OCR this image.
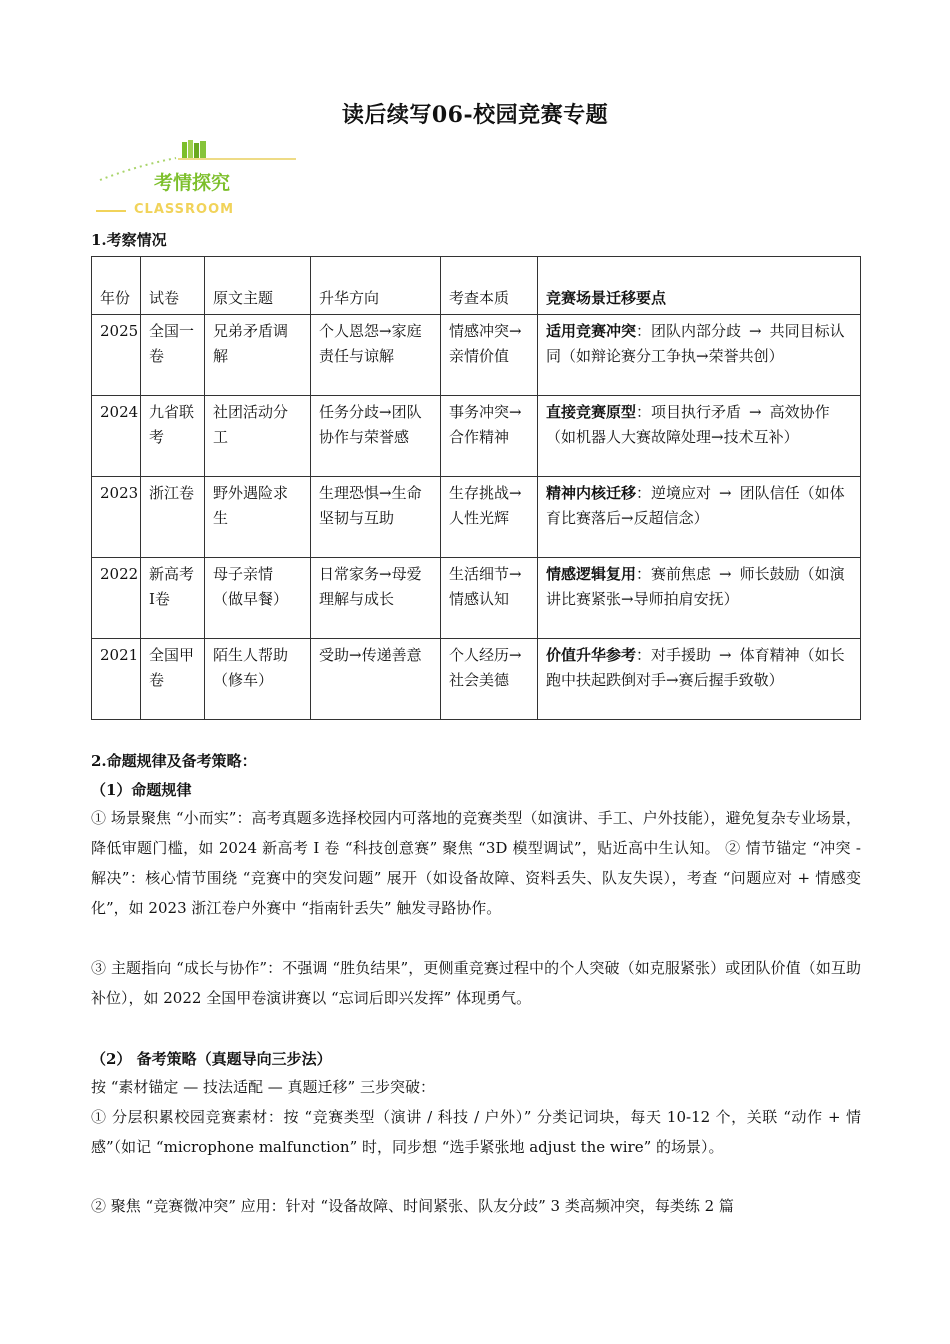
读后续写06-校园竞赛专题
考情探究
CLASSROOM
1.考察情况
年份	试卷	原文主题	升华方向	考查本质	竞赛场景迁移要点
2025	全国一卷	兄弟矛盾调解	个人恩怨→家庭责任与谅解	情感冲突→亲情价值	适用竞赛冲突：团队内部分歧 → 共同目标认同（如辩论赛分工争执→荣誉共创）
2024	九省联考	社团活动分工	任务分歧→团队协作与荣誉感	事务冲突→合作精神	直接竞赛原型：项目执行矛盾 → 高效协作（如机器人大赛故障处理→技术互补）
2023	浙江卷	野外遇险求生	生理恐惧→生命坚韧与互助	生存挑战→人性光辉	精神内核迁移：逆境应对 → 团队信任（如体育比赛落后→反超信念）
2022	新高考I卷	母子亲情（做早餐）	日常家务→母爱理解与成长	生活细节→情感认知	情感逻辑复用：赛前焦虑 → 师长鼓励（如演讲比赛紧张→导师拍肩安抚）
2021	全国甲卷	陌生人帮助（修车）	受助→传递善意	个人经历→社会美德	价值升华参考：对手援助 → 体育精神（如长跑中扶起跌倒对手→赛后握手致敬）
2.命题规律及备考策略：
（1）命题规律
① 场景聚焦 “小而实”：高考真题多选择校园内可落地的竞赛类型（如演讲、手工、户外技能），避免复杂专业场景，降低审题门槛，如 2024 新高考 I 卷 “科技创意赛” 聚焦 “3D 模型调试”，贴近高中生认知。 ② 情节锚定 “冲突 - 解决”：核心情节围绕 “竞赛中的突发问题” 展开（如设备故障、资料丢失、队友失误），考查 “问题应对 + 情感变化”，如 2023 浙江卷户外赛中 “指南针丢失” 触发寻路协作。
③ 主题指向 “成长与协作”：不强调 “胜负结果”，更侧重竞赛过程中的个人突破（如克服紧张）或团队价值（如互助补位），如 2022 全国甲卷演讲赛以 “忘词后即兴发挥” 体现勇气。
（2） 备考策略（真题导向三步法）
按 “素材锚定 — 技法适配 — 真题迁移” 三步突破：
① 分层积累校园竞赛素材：按 “竞赛类型（演讲 / 科技 / 户外）” 分类记词块，每天 10-12 个，关联 “动作 + 情感”（如记 “microphone malfunction” 时，同步想 “选手紧张地 adjust the wire” 的场景）。
② 聚焦 “竞赛微冲突” 应用：针对 “设备故障、时间紧张、队友分歧” 3 类高频冲突，每类练 2 篇
